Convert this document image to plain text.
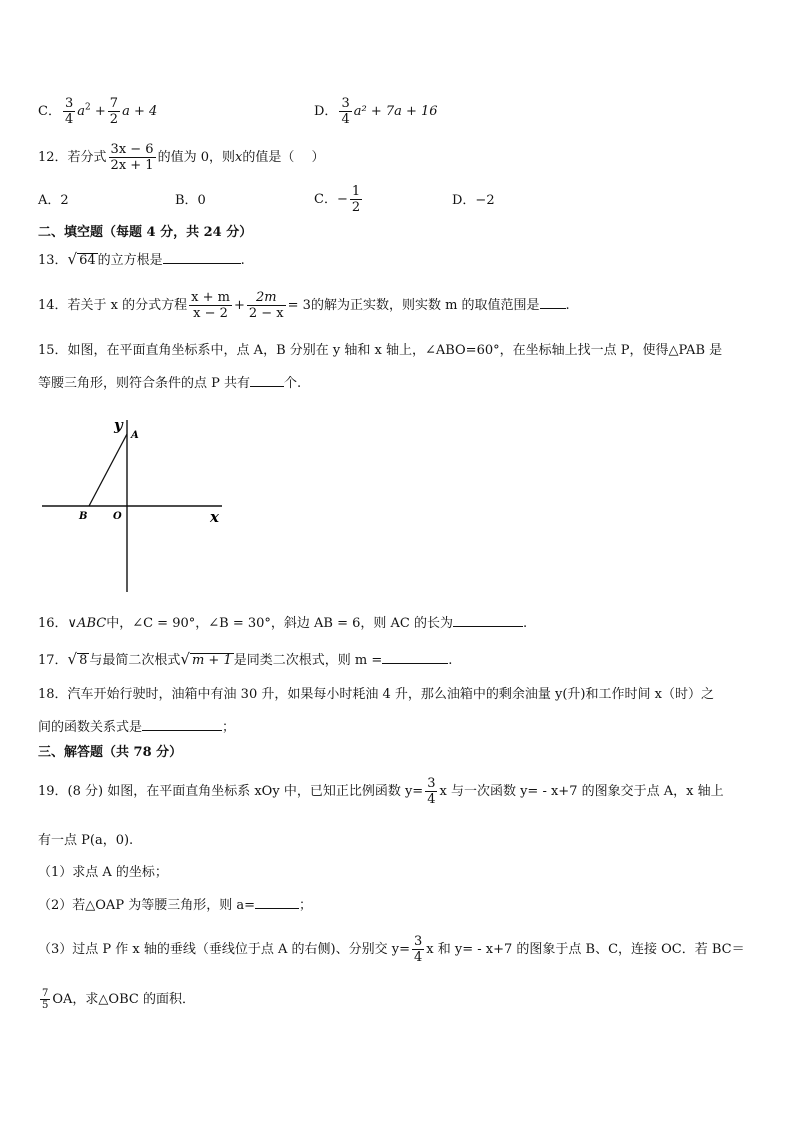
C． $\frac{3}{4} a^2 + \frac{7}{2}$ a + 4	D． $\frac{3}{4} a^2 + 7a + 16$
12．若分式 $\frac{3x - 6}{2x + 1}$ 的值为 0，则x的值是（　 ）
A．2	B．0	C．− $\frac{1}{2}$	D．−2
二、填空题（每题 4 分，共 24 分）
13．√ 64 的立方根是	.
14．若关于 x 的分式方程 $\frac{x + m}{x - 2} + \frac{2m}{2 - x} = 3$的解为正实数，则实数 m 的取值范围是 .
15．如图，在平面直角坐标系中，点 A，B 分别在 y 轴和 x 轴上，∠ABO=60°，在坐标轴上找一点 P，使得△PAB 是
等腰三角形，则符合条件的点 P 共有	个.
y
A
B	O	x
16．∨ABC中，∠C = 90°，∠B = 30°，斜边 AB = 6，则 AC 的长为	.
17．√ 8 与最简二次根式√ m + 1 是同类二次根式，则 m =	.
18．汽车开始行驶时，油箱中有油 30 升，如果每小时耗油 4 升，那么油箱中的剩余油量 y(升)和工作时间 x（时）之
间的函数关系式是	；
三、解答题（共 78 分）
19．(8 分) 如图，在平面直角坐标系 xOy 中，已知正比例函数 $y= \frac{3}{4}$ x 与一次函数 y= - x+7 的图象交于点 A，x 轴上
有一点 P(a，0).
（1）求点 A 的坐标；
（2）若△OAP 为等腰三角形，则 a=	；
（3）过点 P 作 x 轴的垂线（垂线位于点 A 的右侧)、分别交 $y= \frac{3}{4}$ x 和 y= - x+7 的图象于点 B、C，连接 OC．若 BC＝
$\frac{7}{5}$ OA，求△OBC 的面积．
